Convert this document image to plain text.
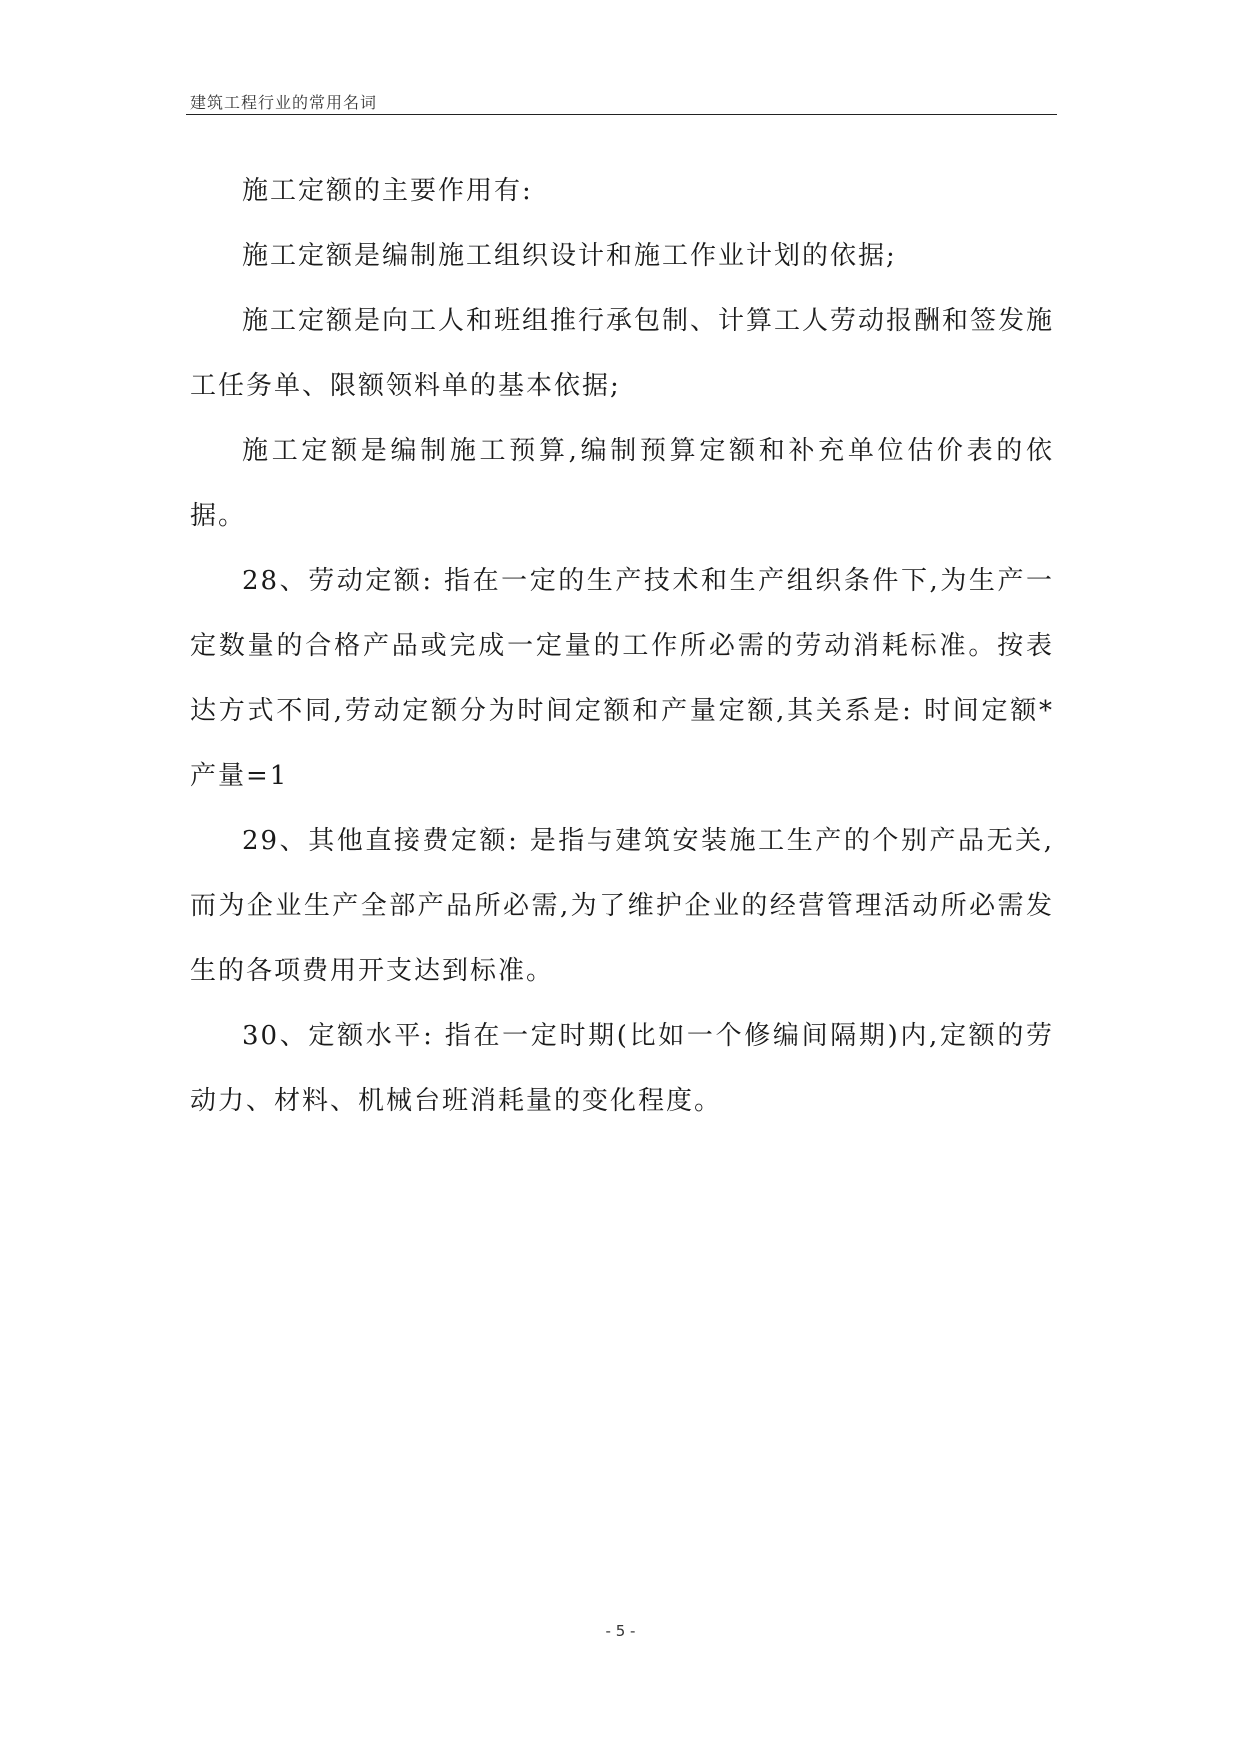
建筑工程行业的常用名词

施工定额的主要作用有:

施工定额是编制施工组织设计和施工作业计划的依据;

施工定额是向工人和班组推行承包制、计算工人劳动报酬和签发施工任务单、限额领料单的基本依据;

施工定额是编制施工预算,编制预算定额和补充单位估价表的依据。

28、劳动定额: 指在一定的生产技术和生产组织条件下,为生产一定数量的合格产品或完成一定量的工作所必需的劳动消耗标准。按表达方式不同,劳动定额分为时间定额和产量定额,其关系是: 时间定额*产量=1

29、其他直接费定额: 是指与建筑安装施工生产的个别产品无关,而为企业生产全部产品所必需,为了维护企业的经营管理活动所必需发生的各项费用开支达到标准。

30、定额水平: 指在一定时期(比如一个修编间隔期)内,定额的劳动力、材料、机械台班消耗量的变化程度。

- 5 -
